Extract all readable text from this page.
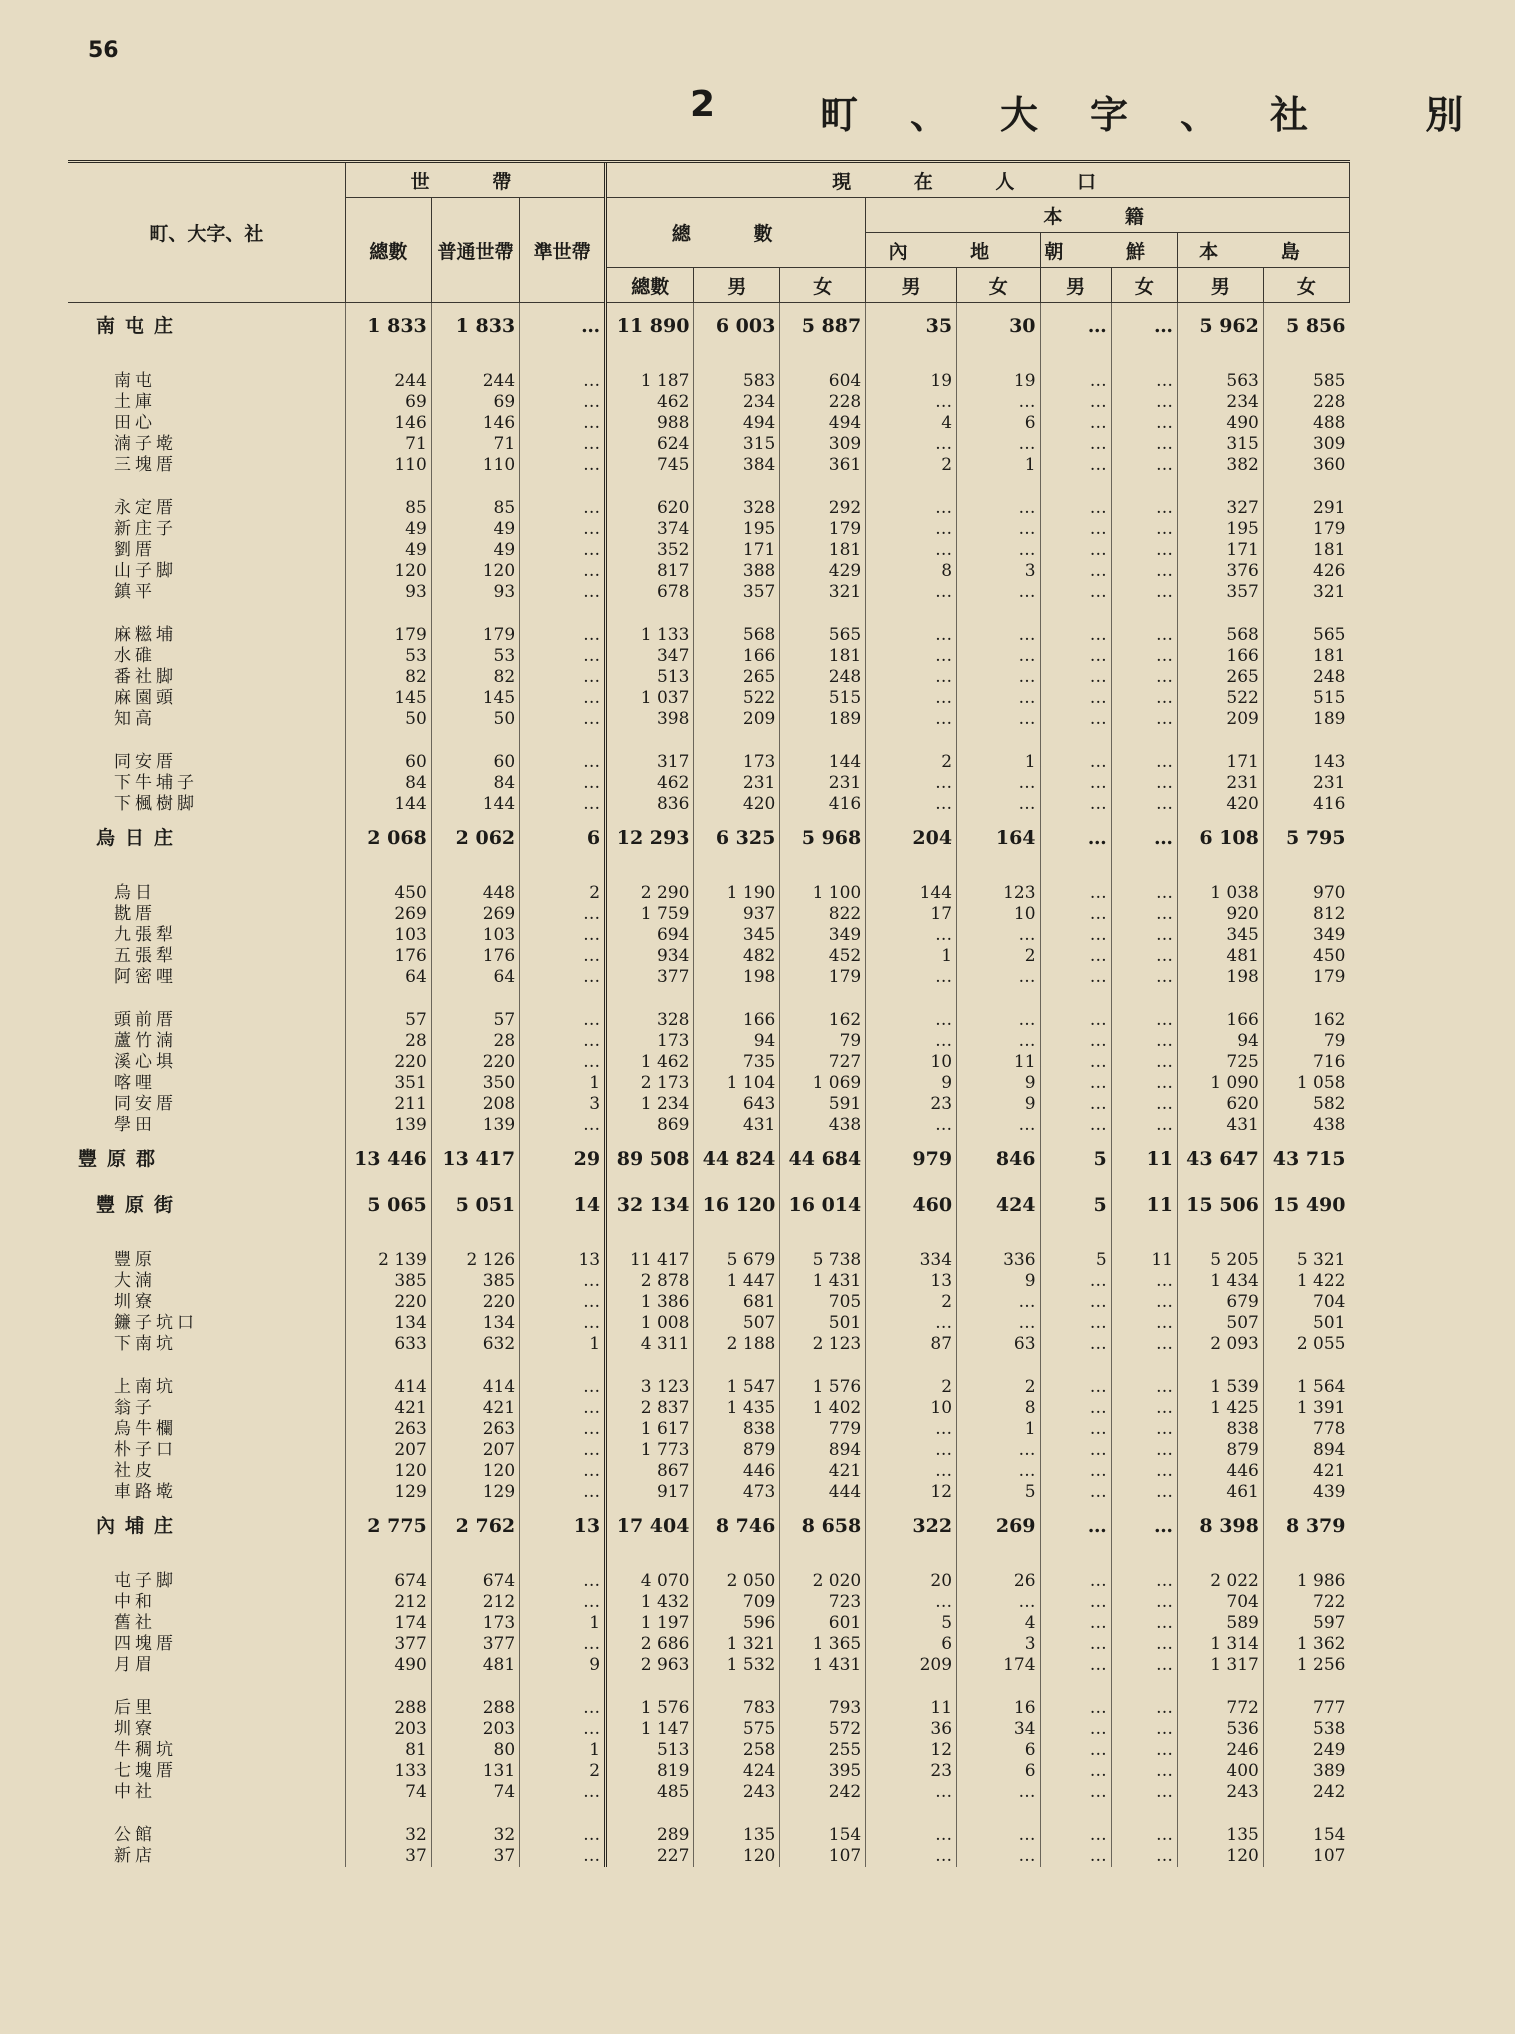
56
2	町、大字、社 別
町、大字、社	世 帶			現 在 人 口								
	總數	普通世帶	準世帶	總 數			本 籍					
							內 地		朝 鮮		本 島	
				總數	男	女	男	女	男	女	男	女
南屯庄	1 833	1 833	…	11 890	6 003	5 887	35	30	…	…	5 962	5 856

南屯	244	244	…	1 187	583	604	19	19	…	…	563	585
土庫	69	69	…	462	234	228	…	…	…	…	234	228
田心	146	146	…	988	494	494	4	6	…	…	490	488
湳子墘	71	71	…	624	315	309	…	…	…	…	315	309
三塊厝	110	110	…	745	384	361	2	1	…	…	382	360

永定厝	85	85	…	620	328	292	…	…	…	…	327	291
新庄子	49	49	…	374	195	179	…	…	…	…	195	179
劉厝	49	49	…	352	171	181	…	…	…	…	171	181
山子脚	120	120	…	817	388	429	8	3	…	…	376	426
鎮平	93	93	…	678	357	321	…	…	…	…	357	321

麻糍埔	179	179	…	1 133	568	565	…	…	…	…	568	565
水碓	53	53	…	347	166	181	…	…	…	…	166	181
番社脚	82	82	…	513	265	248	…	…	…	…	265	248
麻園頭	145	145	…	1 037	522	515	…	…	…	…	522	515
知高	50	50	…	398	209	189	…	…	…	…	209	189

同安厝	60	60	…	317	173	144	2	1	…	…	171	143
下牛埔子	84	84	…	462	231	231	…	…	…	…	231	231
下楓樹脚	144	144	…	836	420	416	…	…	…	…	420	416
烏日庄	2 068	2 062	6	12 293	6 325	5 968	204	164	…	…	6 108	5 795

烏日	450	448	2	2 290	1 190	1 100	144	123	…	…	1 038	970
㽎厝	269	269	…	1 759	937	822	17	10	…	…	920	812
九張犁	103	103	…	694	345	349	…	…	…	…	345	349
五張犁	176	176	…	934	482	452	1	2	…	…	481	450
阿密哩	64	64	…	377	198	179	…	…	…	…	198	179

頭前厝	57	57	…	328	166	162	…	…	…	…	166	162
蘆竹湳	28	28	…	173	94	79	…	…	…	…	94	79
溪心埧	220	220	…	1 462	735	727	10	11	…	…	725	716
喀哩	351	350	1	2 173	1 104	1 069	9	9	…	…	1 090	1 058
同安厝	211	208	3	1 234	643	591	23	9	…	…	620	582
學田	139	139	…	869	431	438	…	…	…	…	431	438
豐原郡	13 446	13 417	29	89 508	44 824	44 684	979	846	5	11	43 647	43 715
豐原街	5 065	5 051	14	32 134	16 120	16 014	460	424	5	11	15 506	15 490

豐原	2 139	2 126	13	11 417	5 679	5 738	334	336	5	11	5 205	5 321
大湳	385	385	…	2 878	1 447	1 431	13	9	…	…	1 434	1 422
圳寮	220	220	…	1 386	681	705	2	…	…	…	679	704
鐮子坑口	134	134	…	1 008	507	501	…	…	…	…	507	501
下南坑	633	632	1	4 311	2 188	2 123	87	63	…	…	2 093	2 055

上南坑	414	414	…	3 123	1 547	1 576	2	2	…	…	1 539	1 564
翁子	421	421	…	2 837	1 435	1 402	10	8	…	…	1 425	1 391
烏牛欄	263	263	…	1 617	838	779	…	1	…	…	838	778
朴子口	207	207	…	1 773	879	894	…	…	…	…	879	894
社皮	120	120	…	867	446	421	…	…	…	…	446	421
車路墘	129	129	…	917	473	444	12	5	…	…	461	439
內埔庄	2 775	2 762	13	17 404	8 746	8 658	322	269	…	…	8 398	8 379

屯子脚	674	674	…	4 070	2 050	2 020	20	26	…	…	2 022	1 986
中和	212	212	…	1 432	709	723	…	…	…	…	704	722
舊社	174	173	1	1 197	596	601	5	4	…	…	589	597
四塊厝	377	377	…	2 686	1 321	1 365	6	3	…	…	1 314	1 362
月眉	490	481	9	2 963	1 532	1 431	209	174	…	…	1 317	1 256

后里	288	288	…	1 576	783	793	11	16	…	…	772	777
圳寮	203	203	…	1 147	575	572	36	34	…	…	536	538
牛稠坑	81	80	1	513	258	255	12	6	…	…	246	249
七塊厝	133	131	2	819	424	395	23	6	…	…	400	389
中社	74	74	…	485	243	242	…	…	…	…	243	242

公館	32	32	…	289	135	154	…	…	…	…	135	154
新店	37	37	…	227	120	107	…	…	…	…	120	107
